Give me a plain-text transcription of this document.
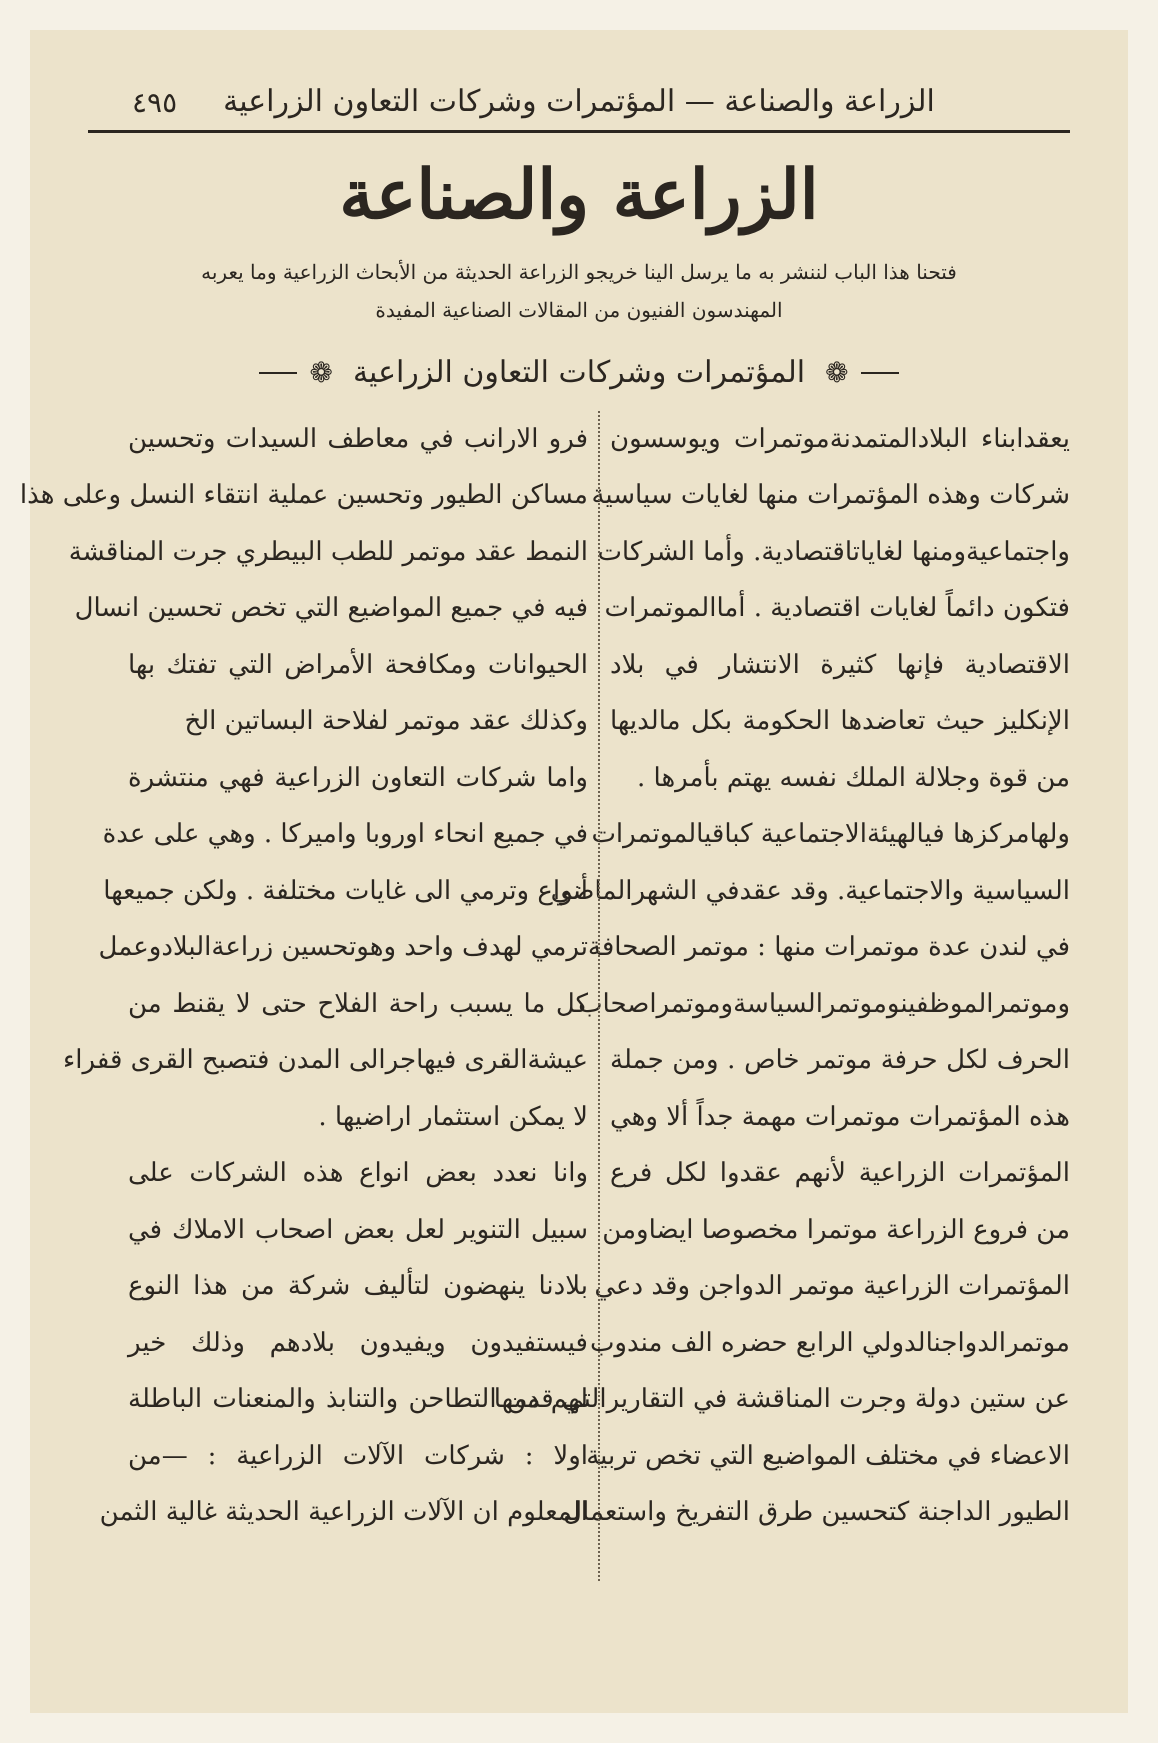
الزراعة والصناعة — المؤتمرات وشركات التعاون الزراعية
٤٩٥
الزراعة والصناعة
فتحنا هذا الباب لننشر به ما يرسل الينا خريجو الزراعة الحديثة من الأبحاث الزراعية وما يعربه
المهندسون الفنيون من المقالات الصناعية المفيدة
❁
المؤتمرات وشركات التعاون الزراعية
❁
يعقدابناء البلادالمتمدنةموتمرات ويوسسون
شركات وهذه المؤتمرات منها لغايات سياسية
واجتماعيةومنها لغاياتاقتصادية. وأما الشركات
فتكون دائماً لغايات اقتصادية . أماالموتمرات
الاقتصادية فإنها كثيرة الانتشار في بلاد
الإنكليز حيث تعاضدها الحكومة بكل مالديها
من قوة وجلالة الملك نفسه يهتم بأمرها .
ولهامركزها فيالهيئةالاجتماعية كباقيالموتمرات
السياسية والاجتماعية. وقد عقدفي الشهرالماضي
في لندن عدة موتمرات منها : موتمر الصحافة
وموتمرالموظفينوموتمرالسياسةوموتمراصحاب
الحرف لكل حرفة موتمر خاص . ومن جملة
هذه المؤتمرات موتمرات مهمة جداً ألا وهي
المؤتمرات الزراعية لأنهم عقدوا لكل فرع
من فروع الزراعة موتمرا مخصوصا ايضاومن
المؤتمرات الزراعية موتمر الدواجن وقد دعي
موتمرالدواجنالدولي الرابع حضره الف مندوب
عن ستين دولة وجرت المناقشة في التقاريرالتي قدمها
الاعضاء في مختلف المواضيع التي تخص تربية
الطيور الداجنة كتحسين طرق التفريخ واستعمال
فرو الارانب في معاطف السيدات وتحسين
مساكن الطيور وتحسين عملية انتقاء النسل وعلى هذا
النمط عقد موتمر للطب البيطري جرت المناقشة
فيه في جميع المواضيع التي تخص تحسين انسال
الحيوانات ومكافحة الأمراض التي تفتك بها
وكذلك عقد موتمر لفلاحة البساتين الخ
واما شركات التعاون الزراعية فهي منتشرة
في جميع انحاء اوروبا واميركا . وهي على عدة
أنواع وترمي الى غايات مختلفة . ولكن جميعها
ترمي لهدف واحد وهوتحسين زراعةالبلادوعمل
كل ما يسبب راحة الفلاح حتى لا يقنط من
عيشةالقرى فيهاجرالى المدن فتصبح القرى قفراء
لا يمكن استثمار اراضيها .
وانا نعدد بعض انواع هذه الشركات على
سبيل التنوير لعل بعض اصحاب الاملاك في
بلادنا ينهضون لتأليف شركة من هذا النوع
فيستفيدون ويفيدون بلادهم وذلك خير
لهم من التطاحن والتنابذ والمنعنات الباطلة
اولا : شركات الآلات الزراعية : —من
المعلوم ان الآلات الزراعية الحديثة غالية الثمن
